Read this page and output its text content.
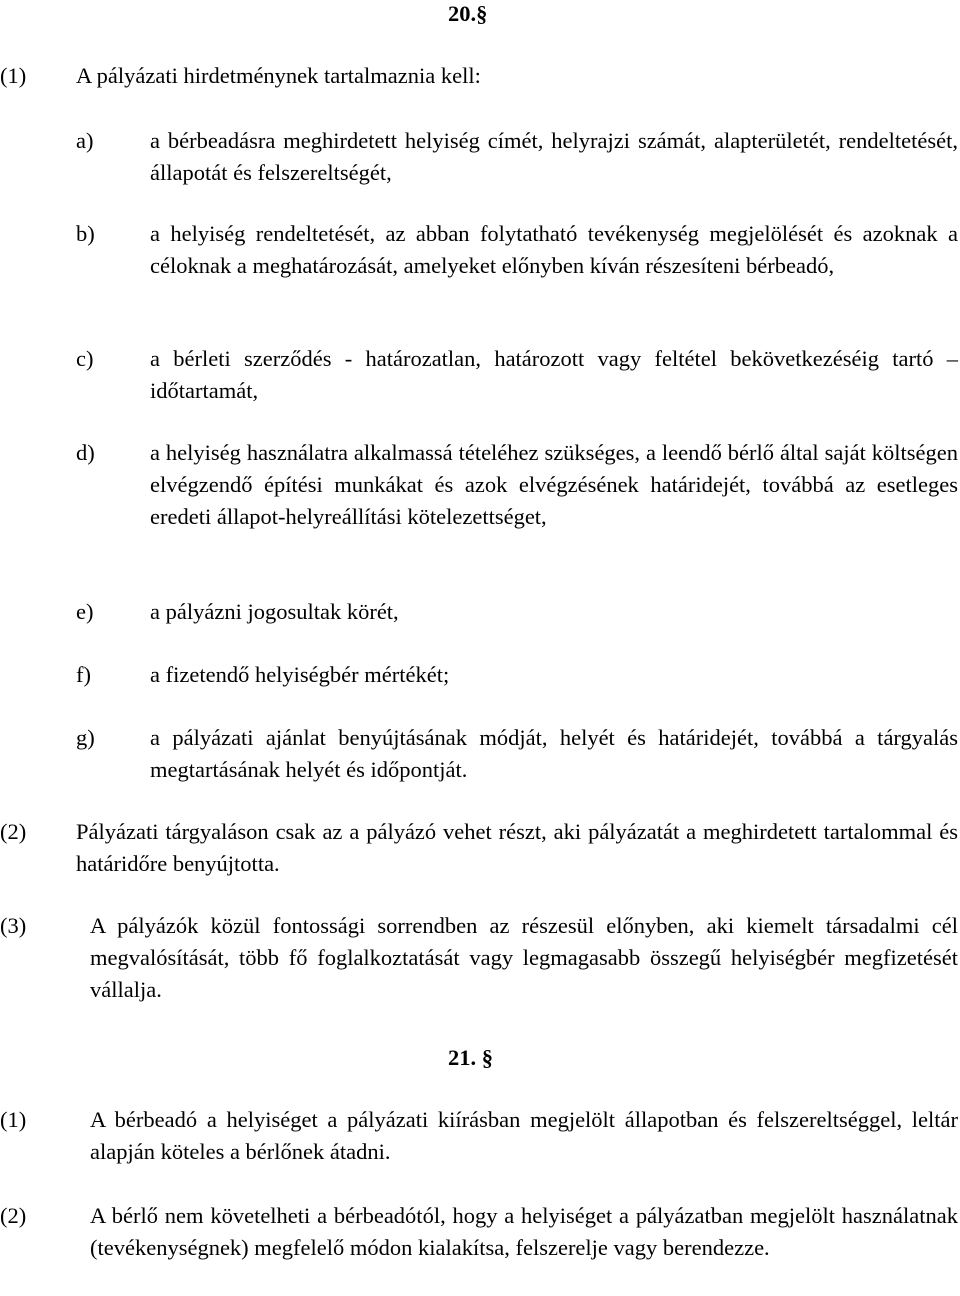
20.§
(1)	A pályázati hirdetménynek tartalmaznia kell:
a)	a bérbeadásra meghirdetett helyiség címét, helyrajzi számát, alapterületét, rendeltetését, állapotát és felszereltségét,
b)	a helyiség rendeltetését, az abban folytatható tevékenység megjelölését és azoknak a céloknak a meghatározását, amelyeket előnyben kíván részesíteni bérbeadó,
c)	a bérleti szerződés - határozatlan, határozott vagy feltétel bekövetkezéséig tartó – időtartamát,
d)	a helyiség használatra alkalmassá tételéhez szükséges, a leendő bérlő által saját költségen elvégzendő építési munkákat és azok elvégzésének határidejét, továbbá az esetleges eredeti állapot-helyreállítási kötelezettséget,
e)	a pályázni jogosultak körét,
f)	a fizetendő helyiségbér mértékét;
g)	a pályázati ajánlat benyújtásának módját, helyét és határidejét, továbbá a tárgyalás megtartásának helyét és időpontját.
(2)	Pályázati tárgyaláson csak az a pályázó vehet részt, aki pályázatát a meghirdetett tartalommal és határidőre benyújtotta.
(3)	A pályázók közül fontossági sorrendben az részesül előnyben, aki kiemelt társadalmi cél megvalósítását, több fő foglalkoztatását vagy legmagasabb összegű helyiségbér megfizetését vállalja.
21. §
(1)	A bérbeadó a helyiséget a pályázati kiírásban megjelölt állapotban és felszereltséggel, leltár alapján köteles a bérlőnek átadni.
(2)	A bérlő nem követelheti a bérbeadótól, hogy a helyiséget a pályázatban megjelölt használatnak (tevékenységnek) megfelelő módon kialakítsa, felszerelje vagy berendezze.
